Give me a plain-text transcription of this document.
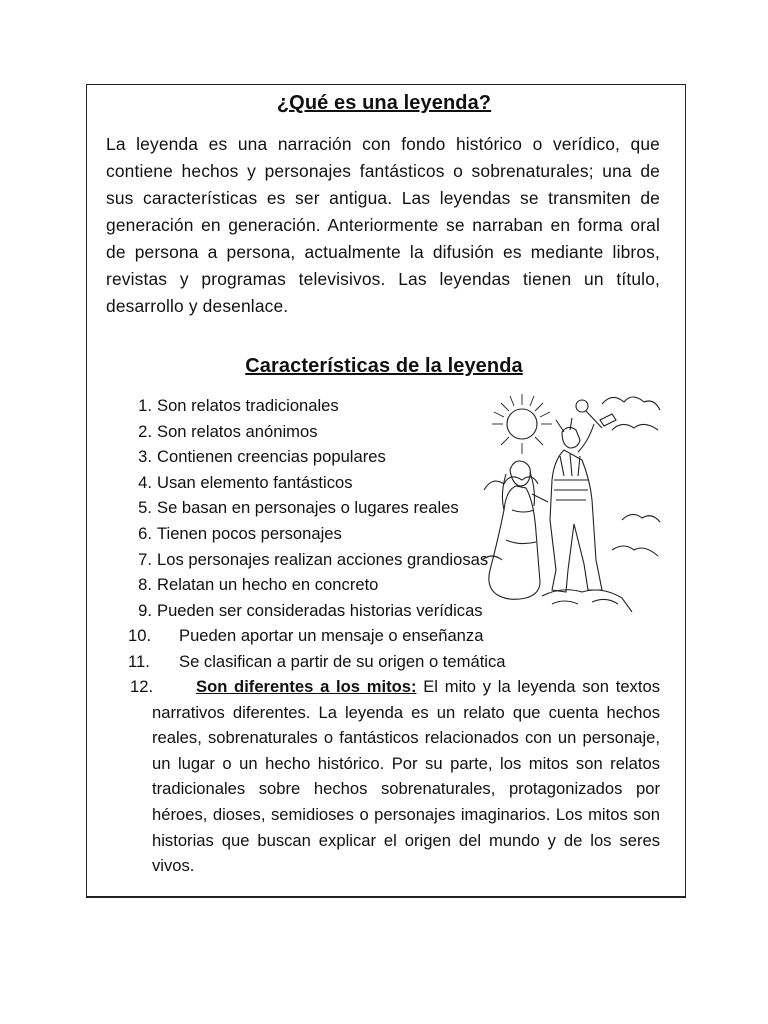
¿Qué es una leyenda?
La leyenda es una narración con fondo histórico o verídico, que contiene hechos y personajes fantásticos o sobrenaturales; una de sus características es ser antigua. Las leyendas se transmiten de generación en generación. Anteriormente se narraban en forma oral de persona a persona, actualmente la difusión es mediante libros, revistas y programas televisivos. Las leyendas tienen un título, desarrollo y desenlace.
Características de la leyenda
1. Son relatos tradicionales
2. Son relatos anónimos
3. Contienen creencias populares
4. Usan elemento fantásticos
5. Se basan en personajes o lugares reales
6. Tienen pocos personajes
7. Los personajes realizan acciones grandiosas
8. Relatan un hecho en concreto
9. Pueden ser consideradas historias verídicas
10. Pueden aportar un mensaje o enseñanza
11. Se clasifican a partir de su origen o temática
12.	Son diferentes a los mitos: El mito y la leyenda son textos narrativos diferentes. La leyenda es un relato que cuenta hechos reales, sobrenaturales o fantásticos relacionados con un personaje, un lugar o un hecho histórico. Por su parte, los mitos son relatos tradicionales sobre hechos sobrenaturales, protagonizados por héroes, dioses, semidioses o personajes imaginarios. Los mitos son historias que buscan explicar el origen del mundo y de los seres vivos.
